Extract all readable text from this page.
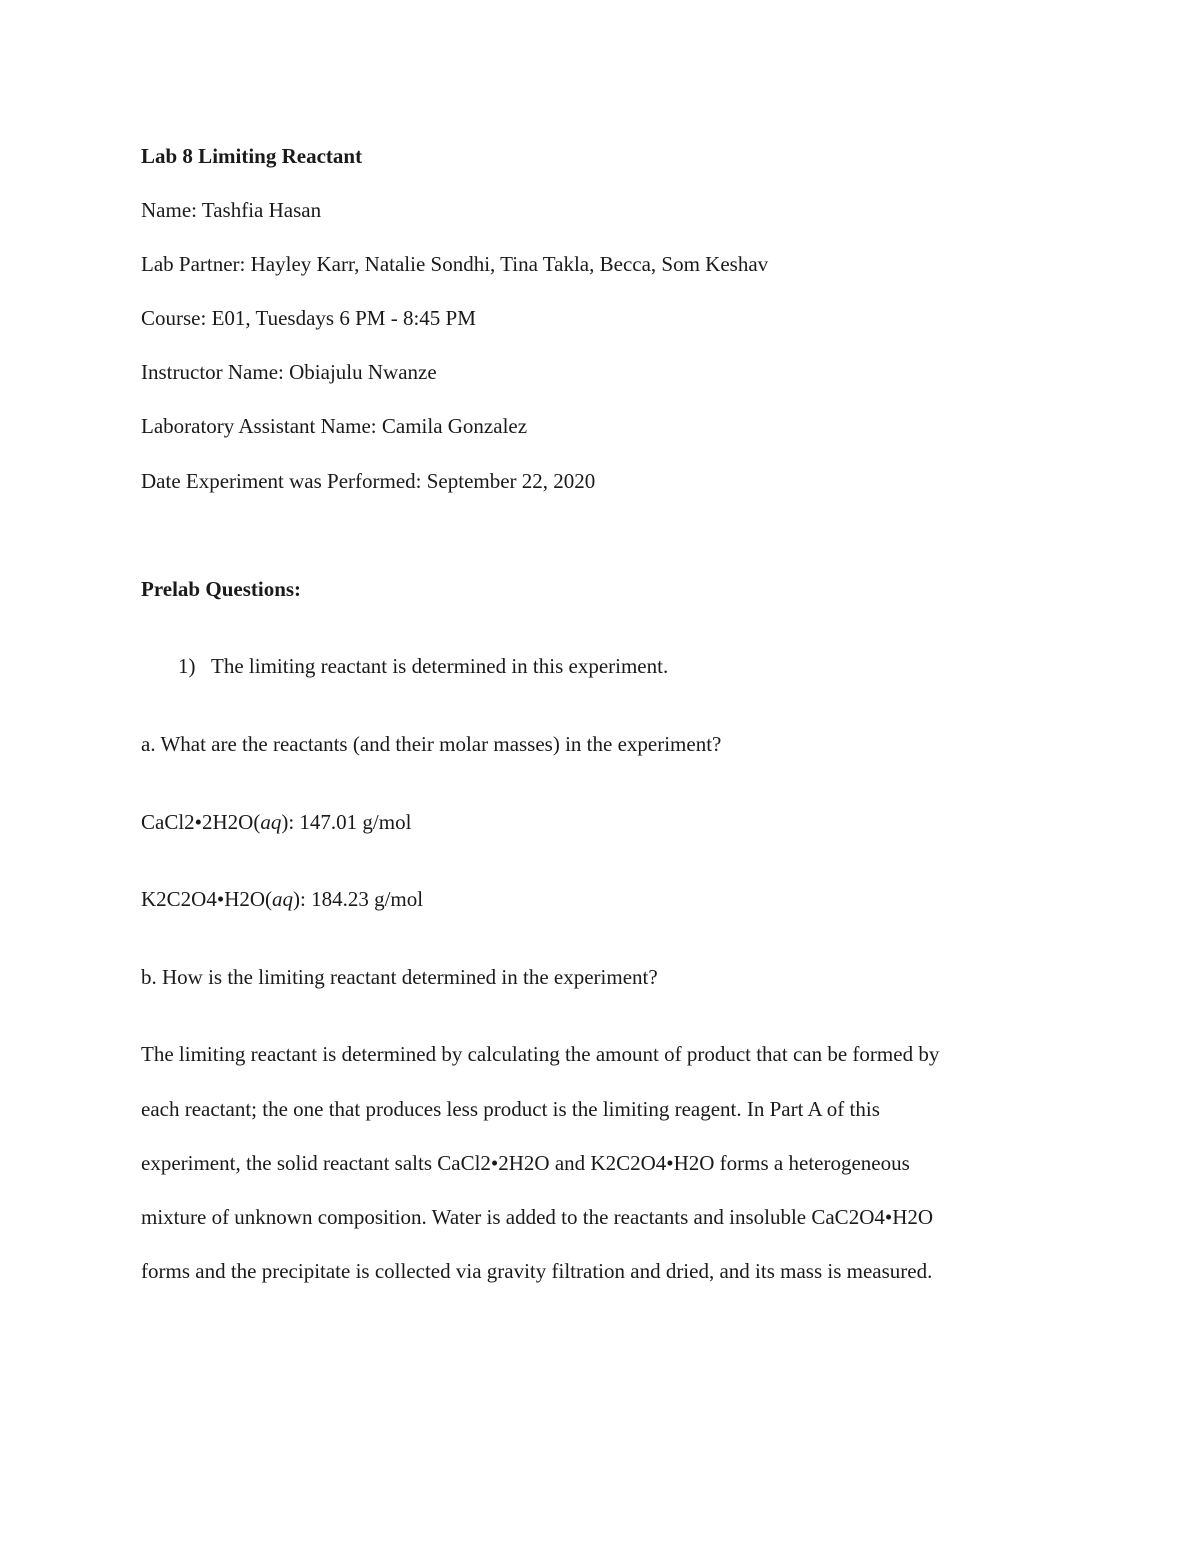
Lab 8 Limiting Reactant
Name: Tashfia Hasan
Lab Partner: Hayley Karr, Natalie Sondhi, Tina Takla, Becca, Som Keshav
Course: E01, Tuesdays 6 PM - 8:45 PM
Instructor Name: Obiajulu Nwanze
Laboratory Assistant Name: Camila Gonzalez
Date Experiment was Performed: September 22, 2020
Prelab Questions:
1) The limiting reactant is determined in this experiment.
a. What are the reactants (and their molar masses) in the experiment?
CaCl2•2H2O(aq): 147.01 g/mol
K2C2O4•H2O(aq): 184.23 g/mol
b. How is the limiting reactant determined in the experiment?
The limiting reactant is determined by calculating the amount of product that can be formed by
each reactant; the one that produces less product is the limiting reagent. In Part A of this
experiment, the solid reactant salts CaCl2•2H2O and K2C2O4•H2O forms a heterogeneous
mixture of unknown composition. Water is added to the reactants and insoluble CaC2O4•H2O
forms and the precipitate is collected via gravity filtration and dried, and its mass is measured.
